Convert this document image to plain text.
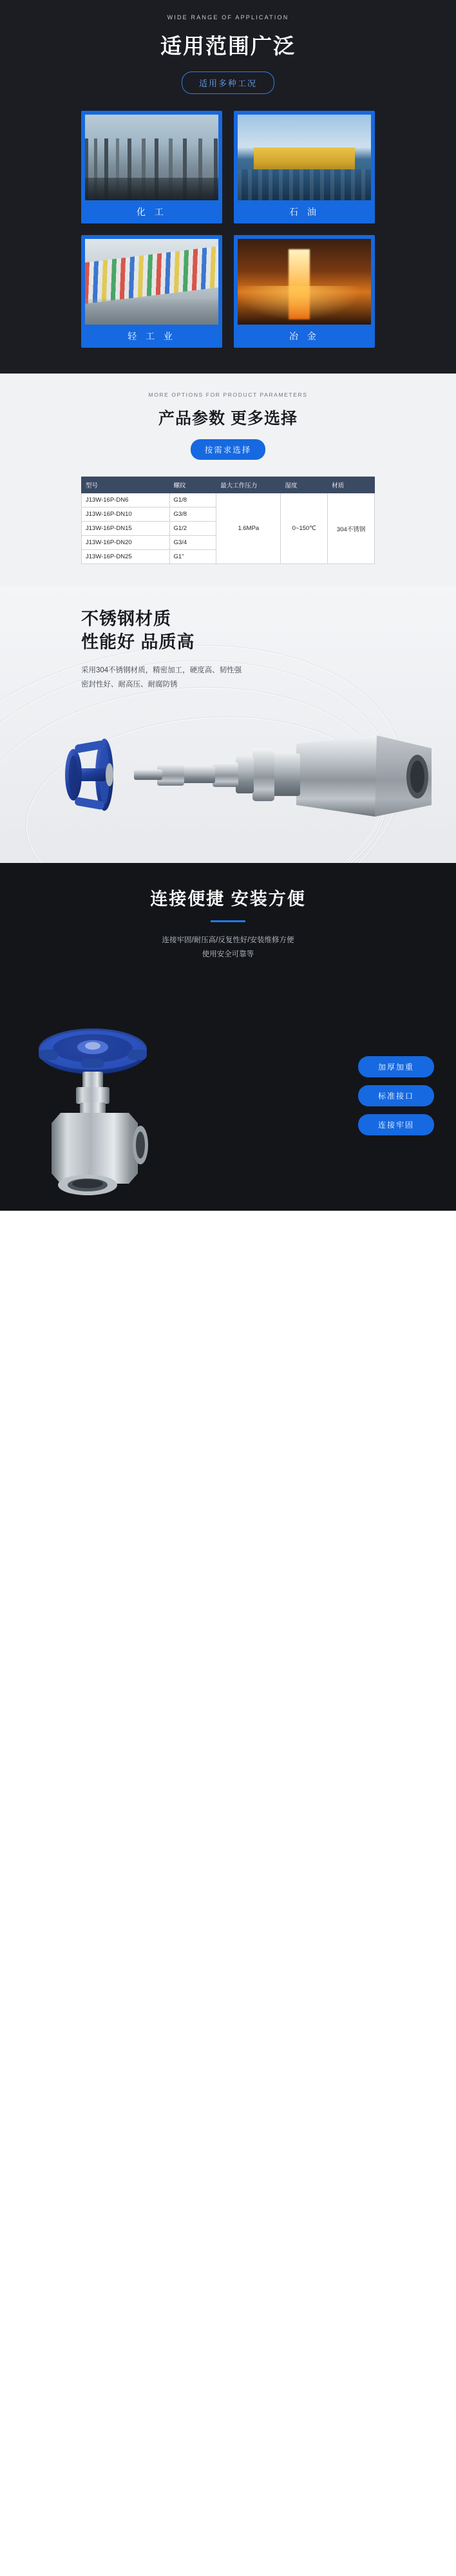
WIDE RANGE OF APPLICATION
适用范围广泛
适用多种工况
化 工	石 油
轻 工 业	冶 金
MORE OPTIONS FOR PRODUCT PARAMETERS
产品参数 更多选择
按需求选择
型号	螺纹	最大工作压力	湿度	材质
J13W-16P-DN6	G1/8	1.6MPa	0~150℃	304不锈钢
J13W-16P-DN10	G3/8			
J13W-16P-DN15	G1/2			
J13W-16P-DN20	G3/4			
J13W-16P-DN25	G1"			
不锈钢材质
性能好 品质高
采用304不锈钢材质，精密加工，硬度高、韧性强
密封性好、耐高压、耐腐防锈
连接便捷 安装方便
连接牢固/耐压高/反复性好/安装维修方便
使用安全可靠等
加厚加重
标准接口
连接牢固
